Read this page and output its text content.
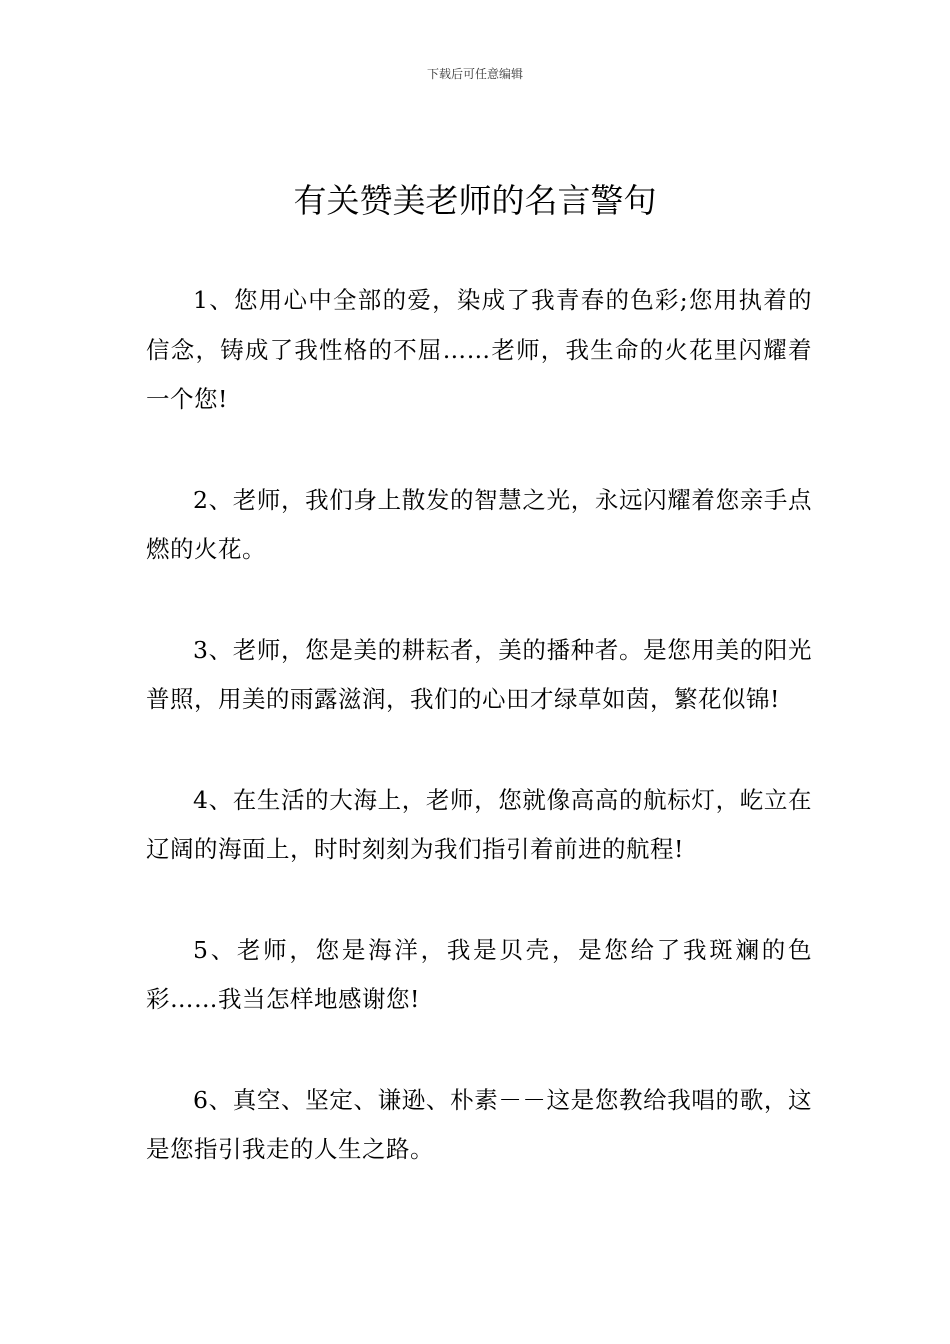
下载后可任意编辑
有关赞美老师的名言警句

1、您用心中全部的爱，染成了我青春的色彩;您用执着的信念，铸成了我性格的不屈……老师，我生命的火花里闪耀着一个您!

2、老师，我们身上散发的智慧之光，永远闪耀着您亲手点燃的火花。

3、老师，您是美的耕耘者，美的播种者。是您用美的阳光普照，用美的雨露滋润，我们的心田才绿草如茵，繁花似锦!

4、在生活的大海上，老师，您就像高高的航标灯，屹立在辽阔的海面上，时时刻刻为我们指引着前进的航程!

5、老师，您是海洋，我是贝壳，是您给了我斑斓的色彩……我当怎样地感谢您!

6、真空、坚定、谦逊、朴素－－这是您教给我唱的歌，这是您指引我走的人生之路。
